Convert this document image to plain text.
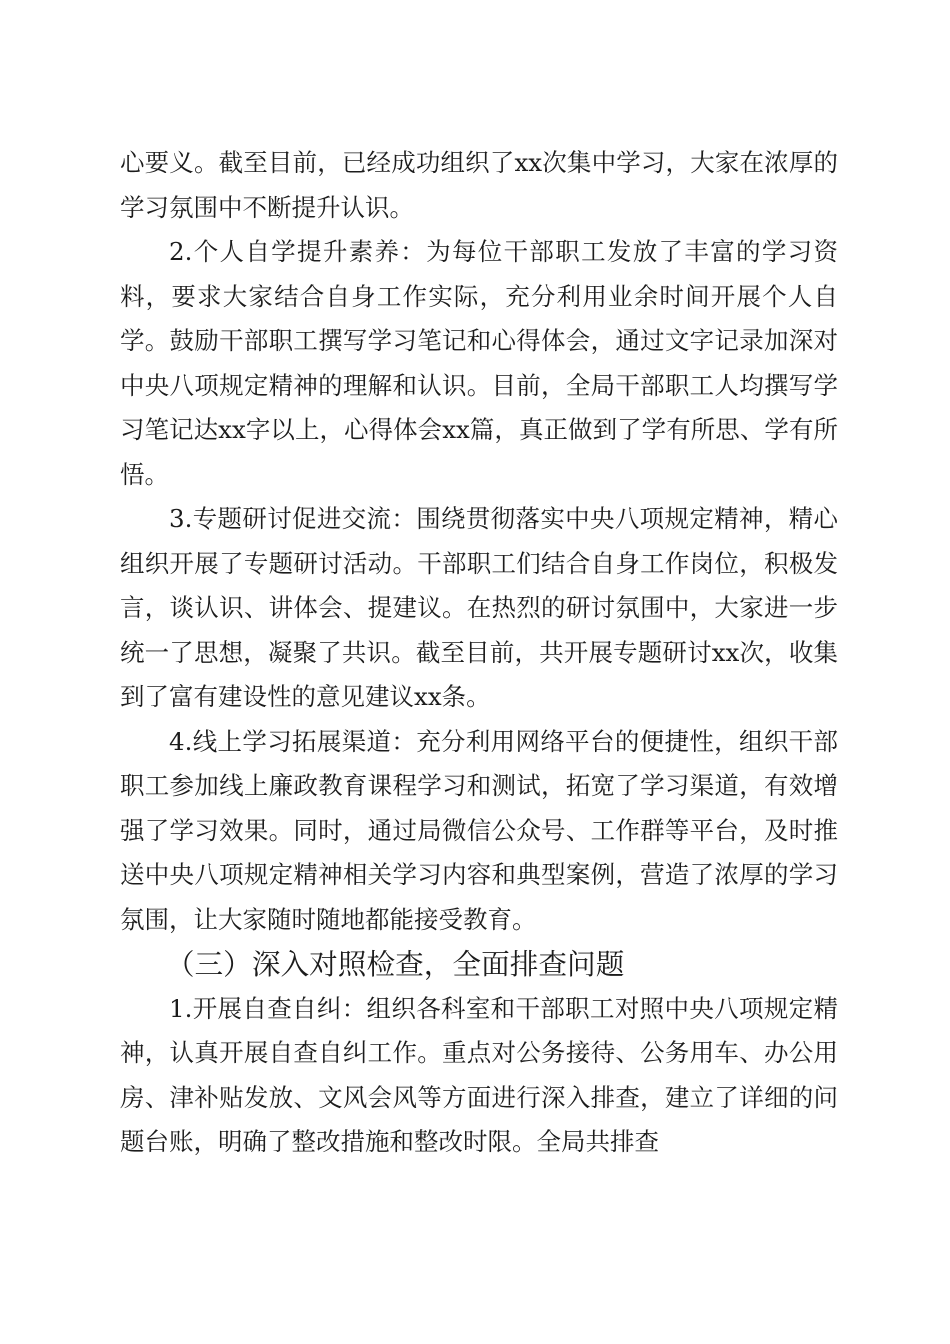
心要义。截至目前，已经成功组织了xx次集中学习，大家在浓厚的学习氛围中不断提升认识。

2.个人自学提升素养：为每位干部职工发放了丰富的学习资料，要求大家结合自身工作实际，充分利用业余时间开展个人自学。鼓励干部职工撰写学习笔记和心得体会，通过文字记录加深对中央八项规定精神的理解和认识。目前，全局干部职工人均撰写学习笔记达xx字以上，心得体会xx篇，真正做到了学有所思、学有所悟。

3.专题研讨促进交流：围绕贯彻落实中央八项规定精神，精心组织开展了专题研讨活动。干部职工们结合自身工作岗位，积极发言，谈认识、讲体会、提建议。在热烈的研讨氛围中，大家进一步统一了思想，凝聚了共识。截至目前，共开展专题研讨xx次，收集到了富有建设性的意见建议xx条。

4.线上学习拓展渠道：充分利用网络平台的便捷性，组织干部职工参加线上廉政教育课程学习和测试，拓宽了学习渠道，有效增强了学习效果。同时，通过局微信公众号、工作群等平台，及时推送中央八项规定精神相关学习内容和典型案例，营造了浓厚的学习氛围，让大家随时随地都能接受教育。

（三）深入对照检查，全面排查问题

1.开展自查自纠：组织各科室和干部职工对照中央八项规定精神，认真开展自查自纠工作。重点对公务接待、公务用车、办公用房、津补贴发放、文风会风等方面进行深入排查，建立了详细的问题台账，明确了整改措施和整改时限。全局共排查
